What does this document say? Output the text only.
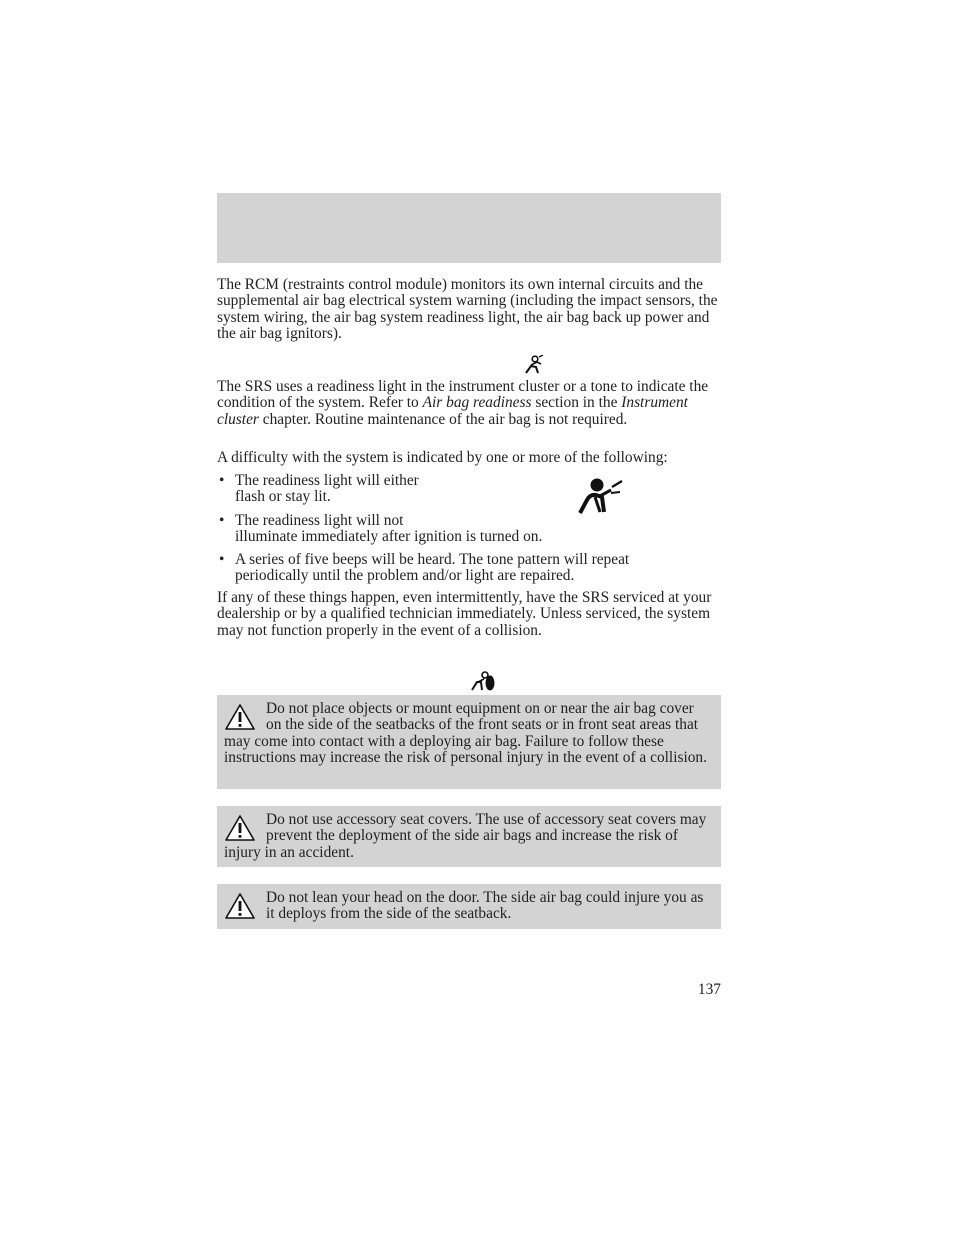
The RCM (restraints control module) monitors its own internal circuits and the supplemental air bag electrical system warning (including the impact sensors, the system wiring, the air bag system readiness light, the air bag back up power and the air bag ignitors).

The SRS uses a readiness light in the instrument cluster or a tone to indicate the condition of the system. Refer to Air bag readiness section in the Instrument cluster chapter. Routine maintenance of the air bag is not required.

A difficulty with the system is indicated by one or more of the following:

• The readiness light will either
flash or stay lit.
• The readiness light will not
illuminate immediately after ignition is turned on.
• A series of five beeps will be heard. The tone pattern will repeat
periodically until the problem and/or light are repaired.

If any of these things happen, even intermittently, have the SRS serviced at your dealership or by a qualified technician immediately. Unless serviced, the system may not function properly in the event of a collision.

Do not place objects or mount equipment on or near the air bag cover on the side of the seatbacks of the front seats or in front seat areas that may come into contact with a deploying air bag. Failure to follow these instructions may increase the risk of personal injury in the event of a collision.

Do not use accessory seat covers. The use of accessory seat covers may prevent the deployment of the side air bags and increase the risk of injury in an accident.

Do not lean your head on the door. The side air bag could injure you as it deploys from the side of the seatback.

137
